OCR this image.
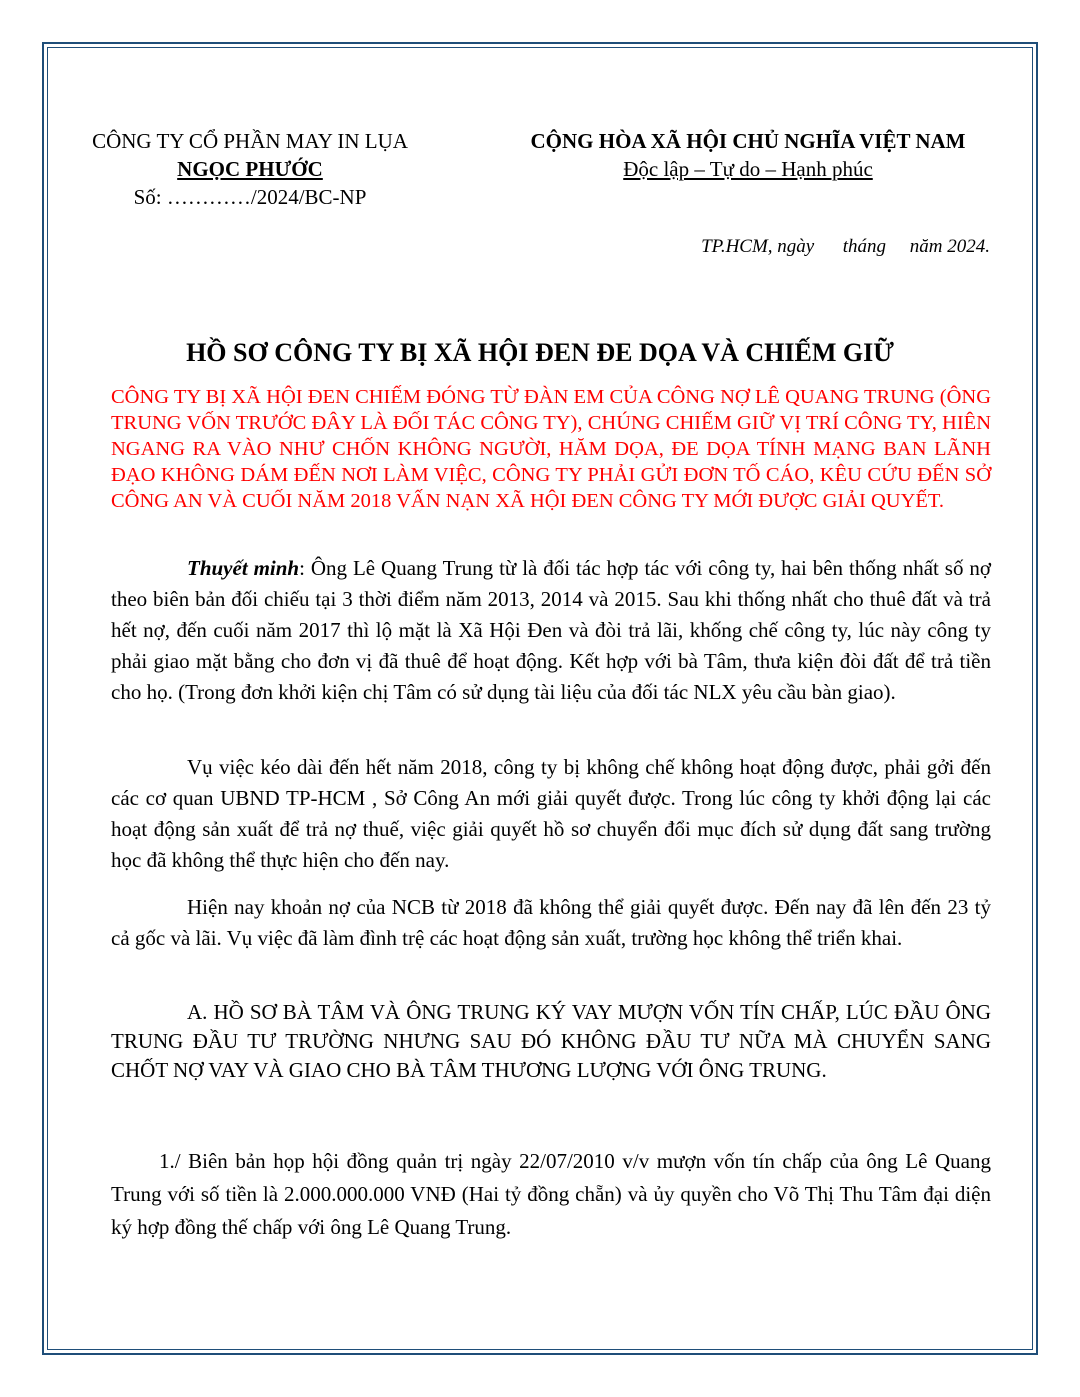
CÔNG TY CỔ PHẦN MAY IN LỤA
NGỌC PHƯỚC
Số: …………/2024/BC-NP
CỘNG HÒA XÃ HỘI CHỦ NGHĨA VIỆT NAM
Độc lập – Tự do – Hạnh phúc
TP.HCM, ngày      tháng     năm 2024.
HỒ SƠ CÔNG TY BỊ XÃ HỘI ĐEN ĐE DỌA VÀ CHIẾM GIỮ
CÔNG TY BỊ XÃ HỘI ĐEN CHIẾM ĐÓNG TỪ ĐÀN EM CỦA CÔNG NỢ LÊ QUANG TRUNG (ÔNG TRUNG VỐN TRƯỚC ĐÂY LÀ ĐỐI TÁC CÔNG TY), CHÚNG CHIẾM GIỮ VỊ TRÍ CÔNG TY, HIÊN NGANG RA VÀO NHƯ CHỐN KHÔNG NGƯỜI, HĂM DỌA, ĐE DỌA TÍNH MẠNG BAN LÃNH ĐẠO KHÔNG DÁM ĐẾN NƠI LÀM VIỆC, CÔNG TY PHẢI GỬI ĐƠN TỐ CÁO, KÊU CỨU ĐẾN SỞ CÔNG AN VÀ CUỐI NĂM 2018 VẤN NẠN XÃ HỘI ĐEN CÔNG TY MỚI ĐƯỢC GIẢI QUYẾT.
Thuyết minh: Ông Lê Quang Trung từ là đối tác hợp tác với công ty, hai bên thống nhất số nợ theo biên bản đối chiếu tại 3 thời điểm năm 2013, 2014 và 2015. Sau khi thống nhất cho thuê đất và trả hết nợ, đến cuối năm 2017 thì lộ mặt là Xã Hội Đen và đòi trả lãi, khống chế công ty, lúc này công ty phải giao mặt bằng cho đơn vị đã thuê để hoạt động. Kết hợp với bà Tâm, thưa kiện đòi đất để trả tiền cho họ. (Trong đơn khởi kiện chị Tâm có sử dụng tài liệu của đối tác NLX yêu cầu bàn giao).
Vụ việc kéo dài đến hết năm 2018, công ty bị không chế không hoạt động được, phải gởi đến các cơ quan UBND TP-HCM , Sở Công An mới giải quyết được. Trong lúc công ty khởi động lại các hoạt động sản xuất để trả nợ thuế, việc giải quyết hồ sơ chuyển đổi mục đích sử dụng đất sang trường học đã không thể thực hiện cho đến nay.
Hiện nay khoản nợ của NCB từ 2018 đã không thể giải quyết được. Đến nay đã lên đến 23 tỷ cả gốc và lãi. Vụ việc đã làm đình trệ các hoạt động sản xuất, trường học không thể triển khai.
A. HỒ SƠ BÀ TÂM VÀ ÔNG TRUNG KÝ VAY MƯỢN VỐN TÍN CHẤP, LÚC ĐẦU ÔNG TRUNG ĐẦU TƯ TRƯỜNG NHƯNG SAU ĐÓ KHÔNG ĐẦU TƯ NỮA MÀ CHUYỂN SANG CHỐT NỢ VAY VÀ GIAO CHO BÀ TÂM THƯƠNG LƯỢNG VỚI ÔNG TRUNG.
1./ Biên bản họp hội đồng quản trị ngày 22/07/2010 v/v mượn vốn tín chấp của ông Lê Quang Trung với số tiền là 2.000.000.000 VNĐ (Hai tỷ đồng chẵn) và ủy quyền cho Võ Thị Thu Tâm đại diện ký hợp đồng thế chấp với ông Lê Quang Trung.
